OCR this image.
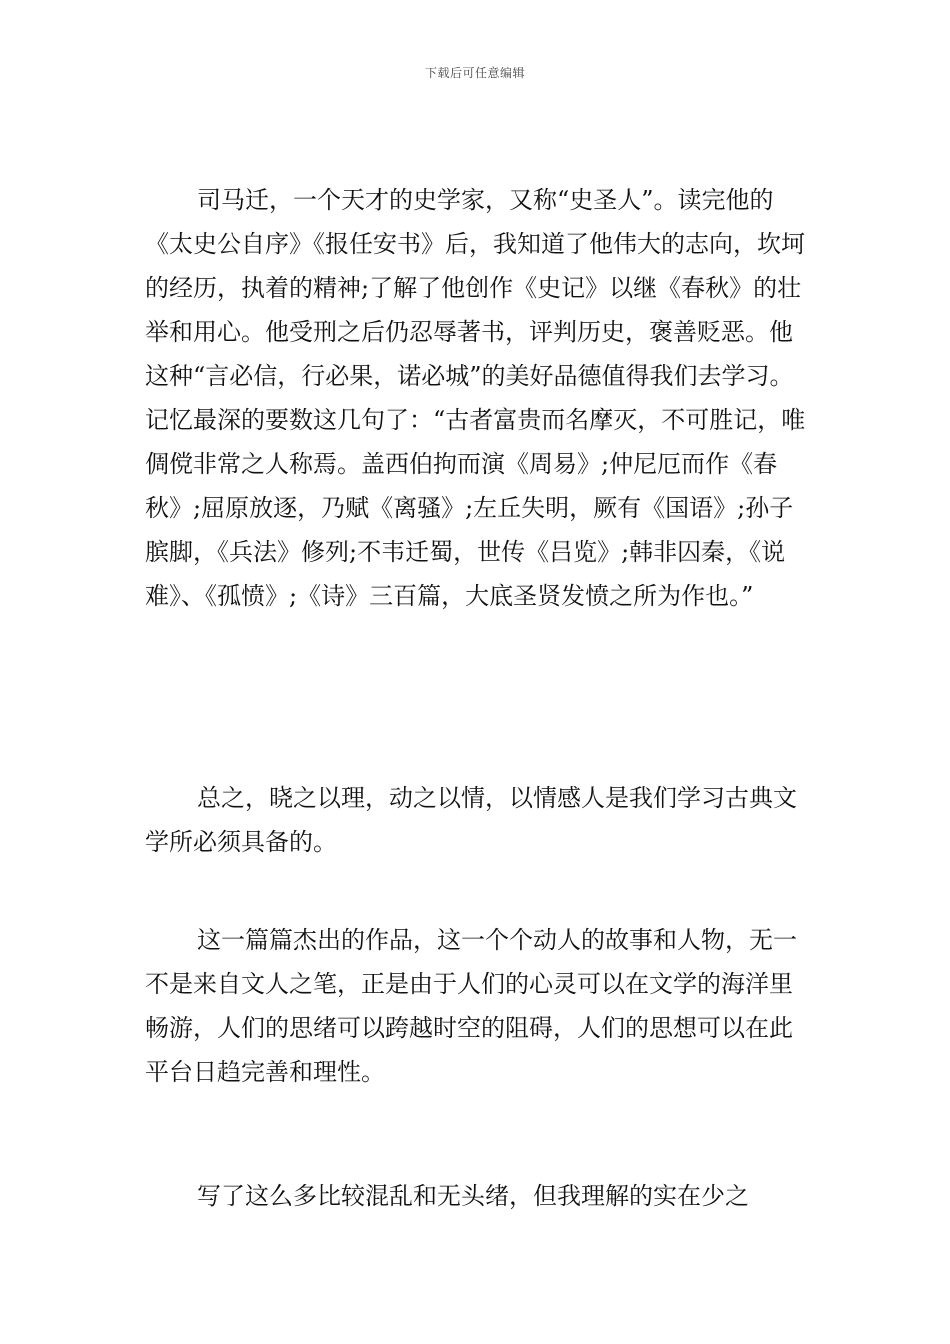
下载后可任意编辑

司马迁，一个天才的史学家，又称“史圣人”。读完他的《太史公自序》《报任安书》后，我知道了他伟大的志向，坎坷的经历，执着的精神;了解了他创作《史记》以继《春秋》的壮举和用心。他受刑之后仍忍辱著书，评判历史，褒善贬恶。他这种“言必信，行必果，诺必城”的美好品德值得我们去学习。记忆最深的要数这几句了：“古者富贵而名摩灭，不可胜记，唯倜傥非常之人称焉。盖西伯拘而演《周易》;仲尼厄而作《春秋》;屈原放逐，乃赋《离骚》;左丘失明，厥有《国语》;孙子膑脚，《兵法》修列;不韦迁蜀，世传《吕览》;韩非囚秦，《说难》、《孤愤》;《诗》三百篇，大底圣贤发愤之所为作也。”

总之，晓之以理，动之以情，以情感人是我们学习古典文学所必须具备的。

这一篇篇杰出的作品，这一个个动人的故事和人物，无一不是来自文人之笔，正是由于人们的心灵可以在文学的海洋里畅游，人们的思绪可以跨越时空的阻碍，人们的思想可以在此平台日趋完善和理性。

写了这么多比较混乱和无头绪，但我理解的实在少之
